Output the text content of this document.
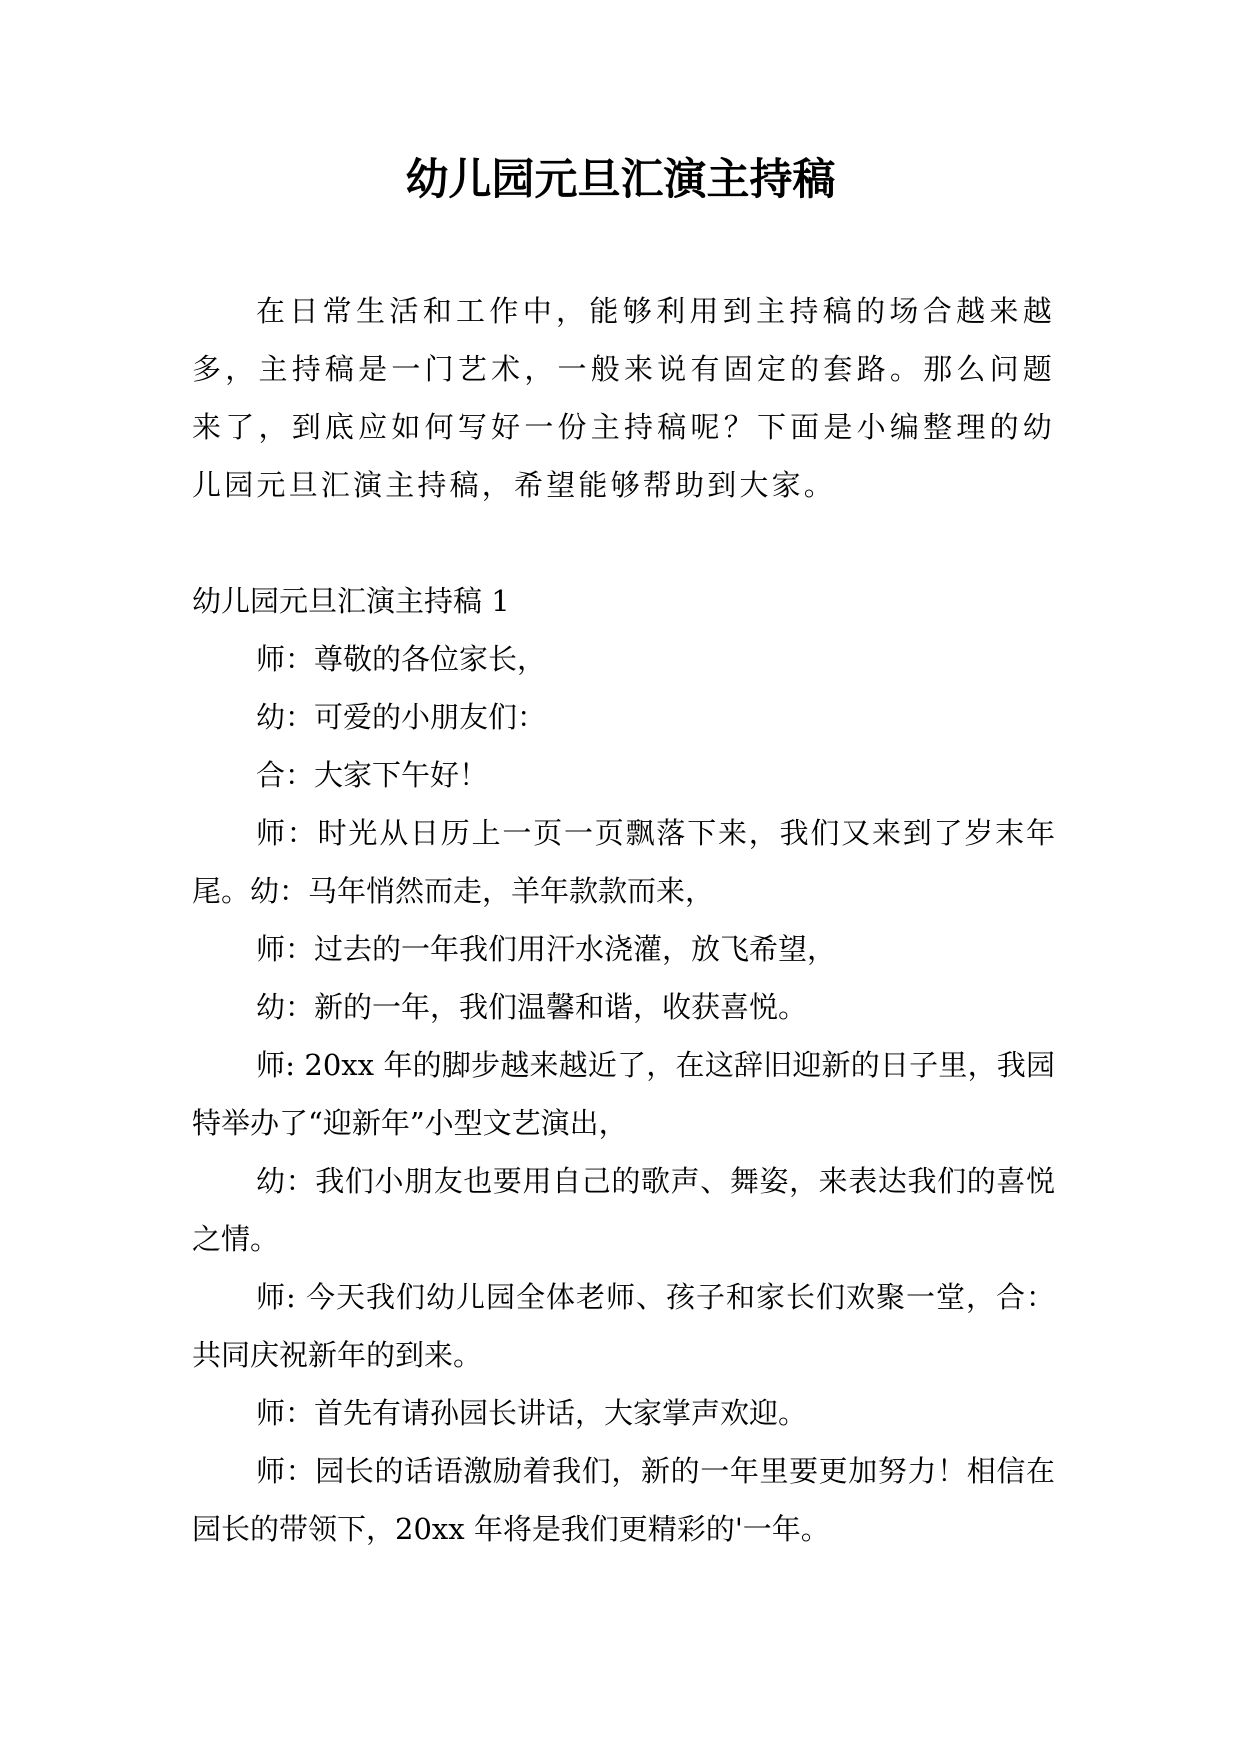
幼儿园元旦汇演主持稿

在日常生活和工作中，能够利用到主持稿的场合越来越多，主持稿是一门艺术，一般来说有固定的套路。那么问题来了，到底应如何写好一份主持稿呢？下面是小编整理的幼儿园元旦汇演主持稿，希望能够帮助到大家。

幼儿园元旦汇演主持稿 1

师：尊敬的各位家长，

幼：可爱的小朋友们：

合：大家下午好！

师：时光从日历上一页一页飘落下来，我们又来到了岁末年尾。幼：马年悄然而走，羊年款款而来，

师：过去的一年我们用汗水浇灌，放飞希望，

幼：新的一年，我们温馨和谐，收获喜悦。

师: 20xx 年的脚步越来越近了，在这辞旧迎新的日子里，我园特举办了“迎新年”小型文艺演出，

幼：我们小朋友也要用自己的歌声、舞姿，来表达我们的喜悦之情。

师: 今天我们幼儿园全体老师、孩子和家长们欢聚一堂，合：共同庆祝新年的到来。

师：首先有请孙园长讲话，大家掌声欢迎。

师：园长的话语激励着我们，新的一年里要更加努力！相信在园长的带领下，20xx 年将是我们更精彩的'一年。
